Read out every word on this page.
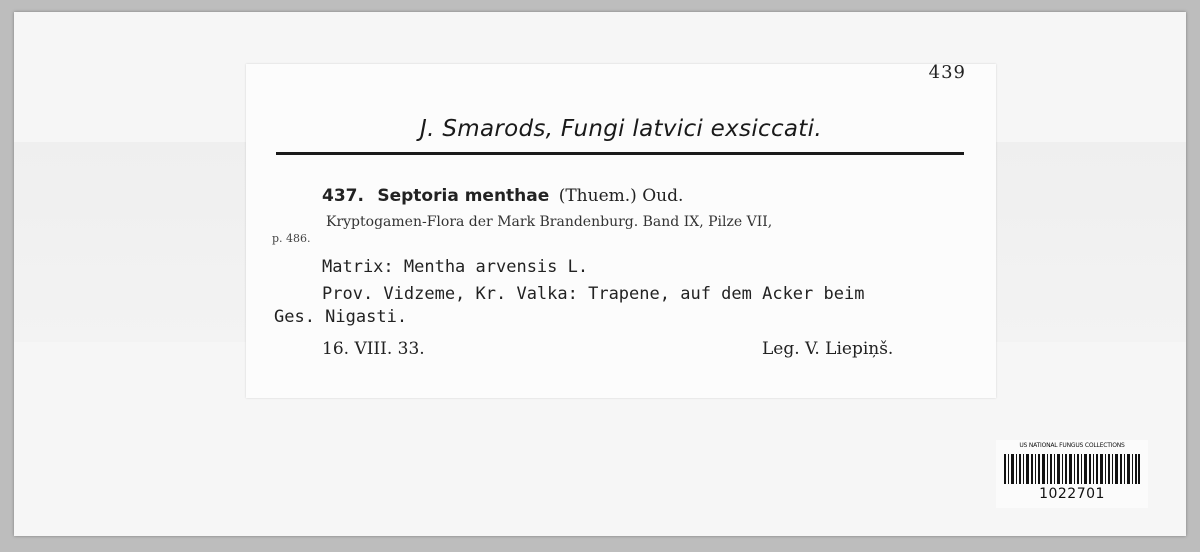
439
J. Smarods, Fungi latvici exsiccati.
437. Septoria menthae (Thuem.) Oud.
Kryptogamen-Flora der Mark Brandenburg. Band IX, Pilze VII,
p. 486.
Matrix: Mentha arvensis L.
Prov. Vidzeme, Kr. Valka: Trapene, auf dem Acker beim
Ges. Nigasti.
16. VIII. 33.	Leg. V. Liepiņš.
US NATIONAL FUNGUS COLLECTIONS
1022701
